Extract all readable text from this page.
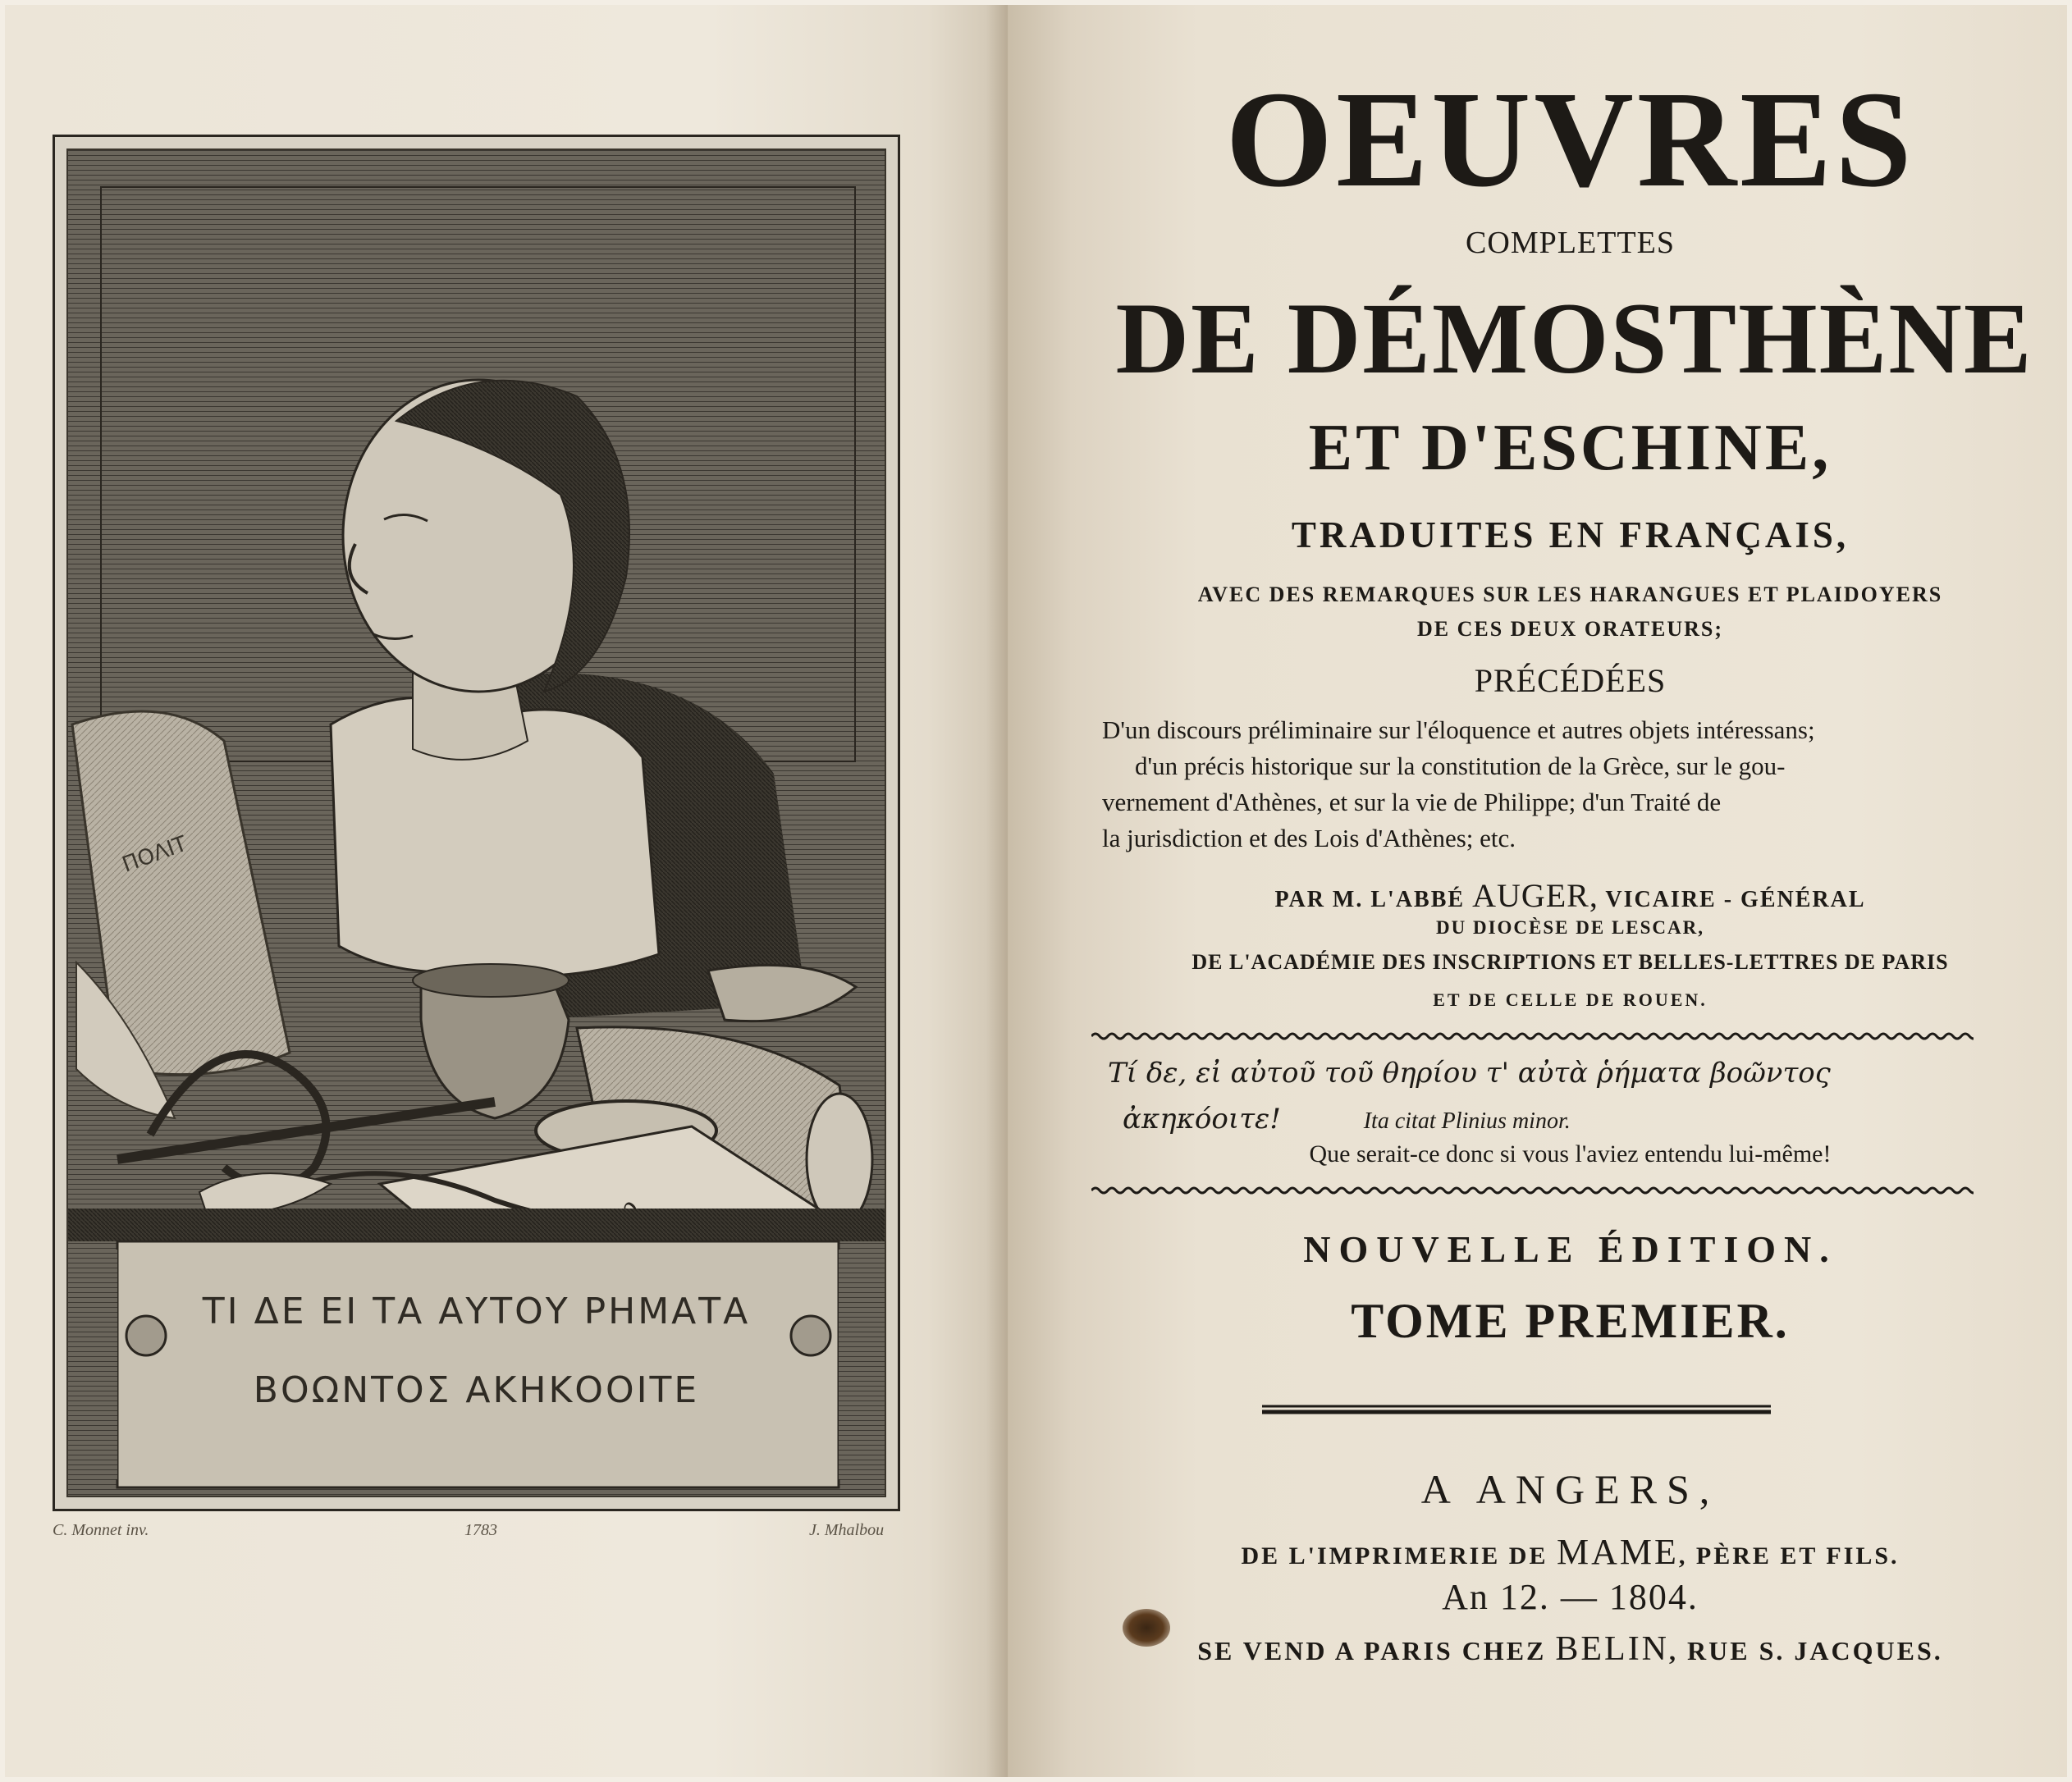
ΠΟΛΙΤ
ΤΙ ΔΕ ΕΙ ΤΑ ΑΥΤΟΥ ΡΗΜΑΤΑ
ΒΟΩΝΤΟΣ ΑΚΗΚΟΟΙΤΕ
C. Monnet inv.	1783	J. Mhalbou
OEUVRES
COMPLETTES
DE DÉMOSTHÈNE
ET D'ESCHINE,
TRADUITES EN FRANÇAIS,
AVEC DES REMARQUES SUR LES HARANGUES ET PLAIDOYERS
DE CES DEUX ORATEURS;
PRÉCÉDÉES
D'un discours préliminaire sur l'éloquence et autres objets intéressans;
d'un précis historique sur la constitution de la Grèce, sur le gou-
vernement d'Athènes, et sur la vie de Philippe; d'un Traité de
la jurisdiction et des Lois d'Athènes; etc.
PAR M. L'ABBÉ AUGER, VICAIRE - GÉNÉRAL
DU DIOCÈSE DE LESCAR,
DE L'ACADÉMIE DES INSCRIPTIONS ET BELLES-LETTRES DE PARIS
ET DE CELLE DE ROUEN.
Τί δε, εἰ αὐτοῦ τοῦ θηρίου τ' αὐτὰ ῥήματα βοῶντος
ἀκηκόοιτε!	Ita citat Plinius minor.
Que serait-ce donc si vous l'aviez entendu lui-même!
NOUVELLE ÉDITION.
TOME PREMIER.
A ANGERS,
DE L'IMPRIMERIE DE MAME, PÈRE ET FILS.
An 12. — 1804.
SE VEND A PARIS CHEZ BELIN, RUE S. JACQUES.
